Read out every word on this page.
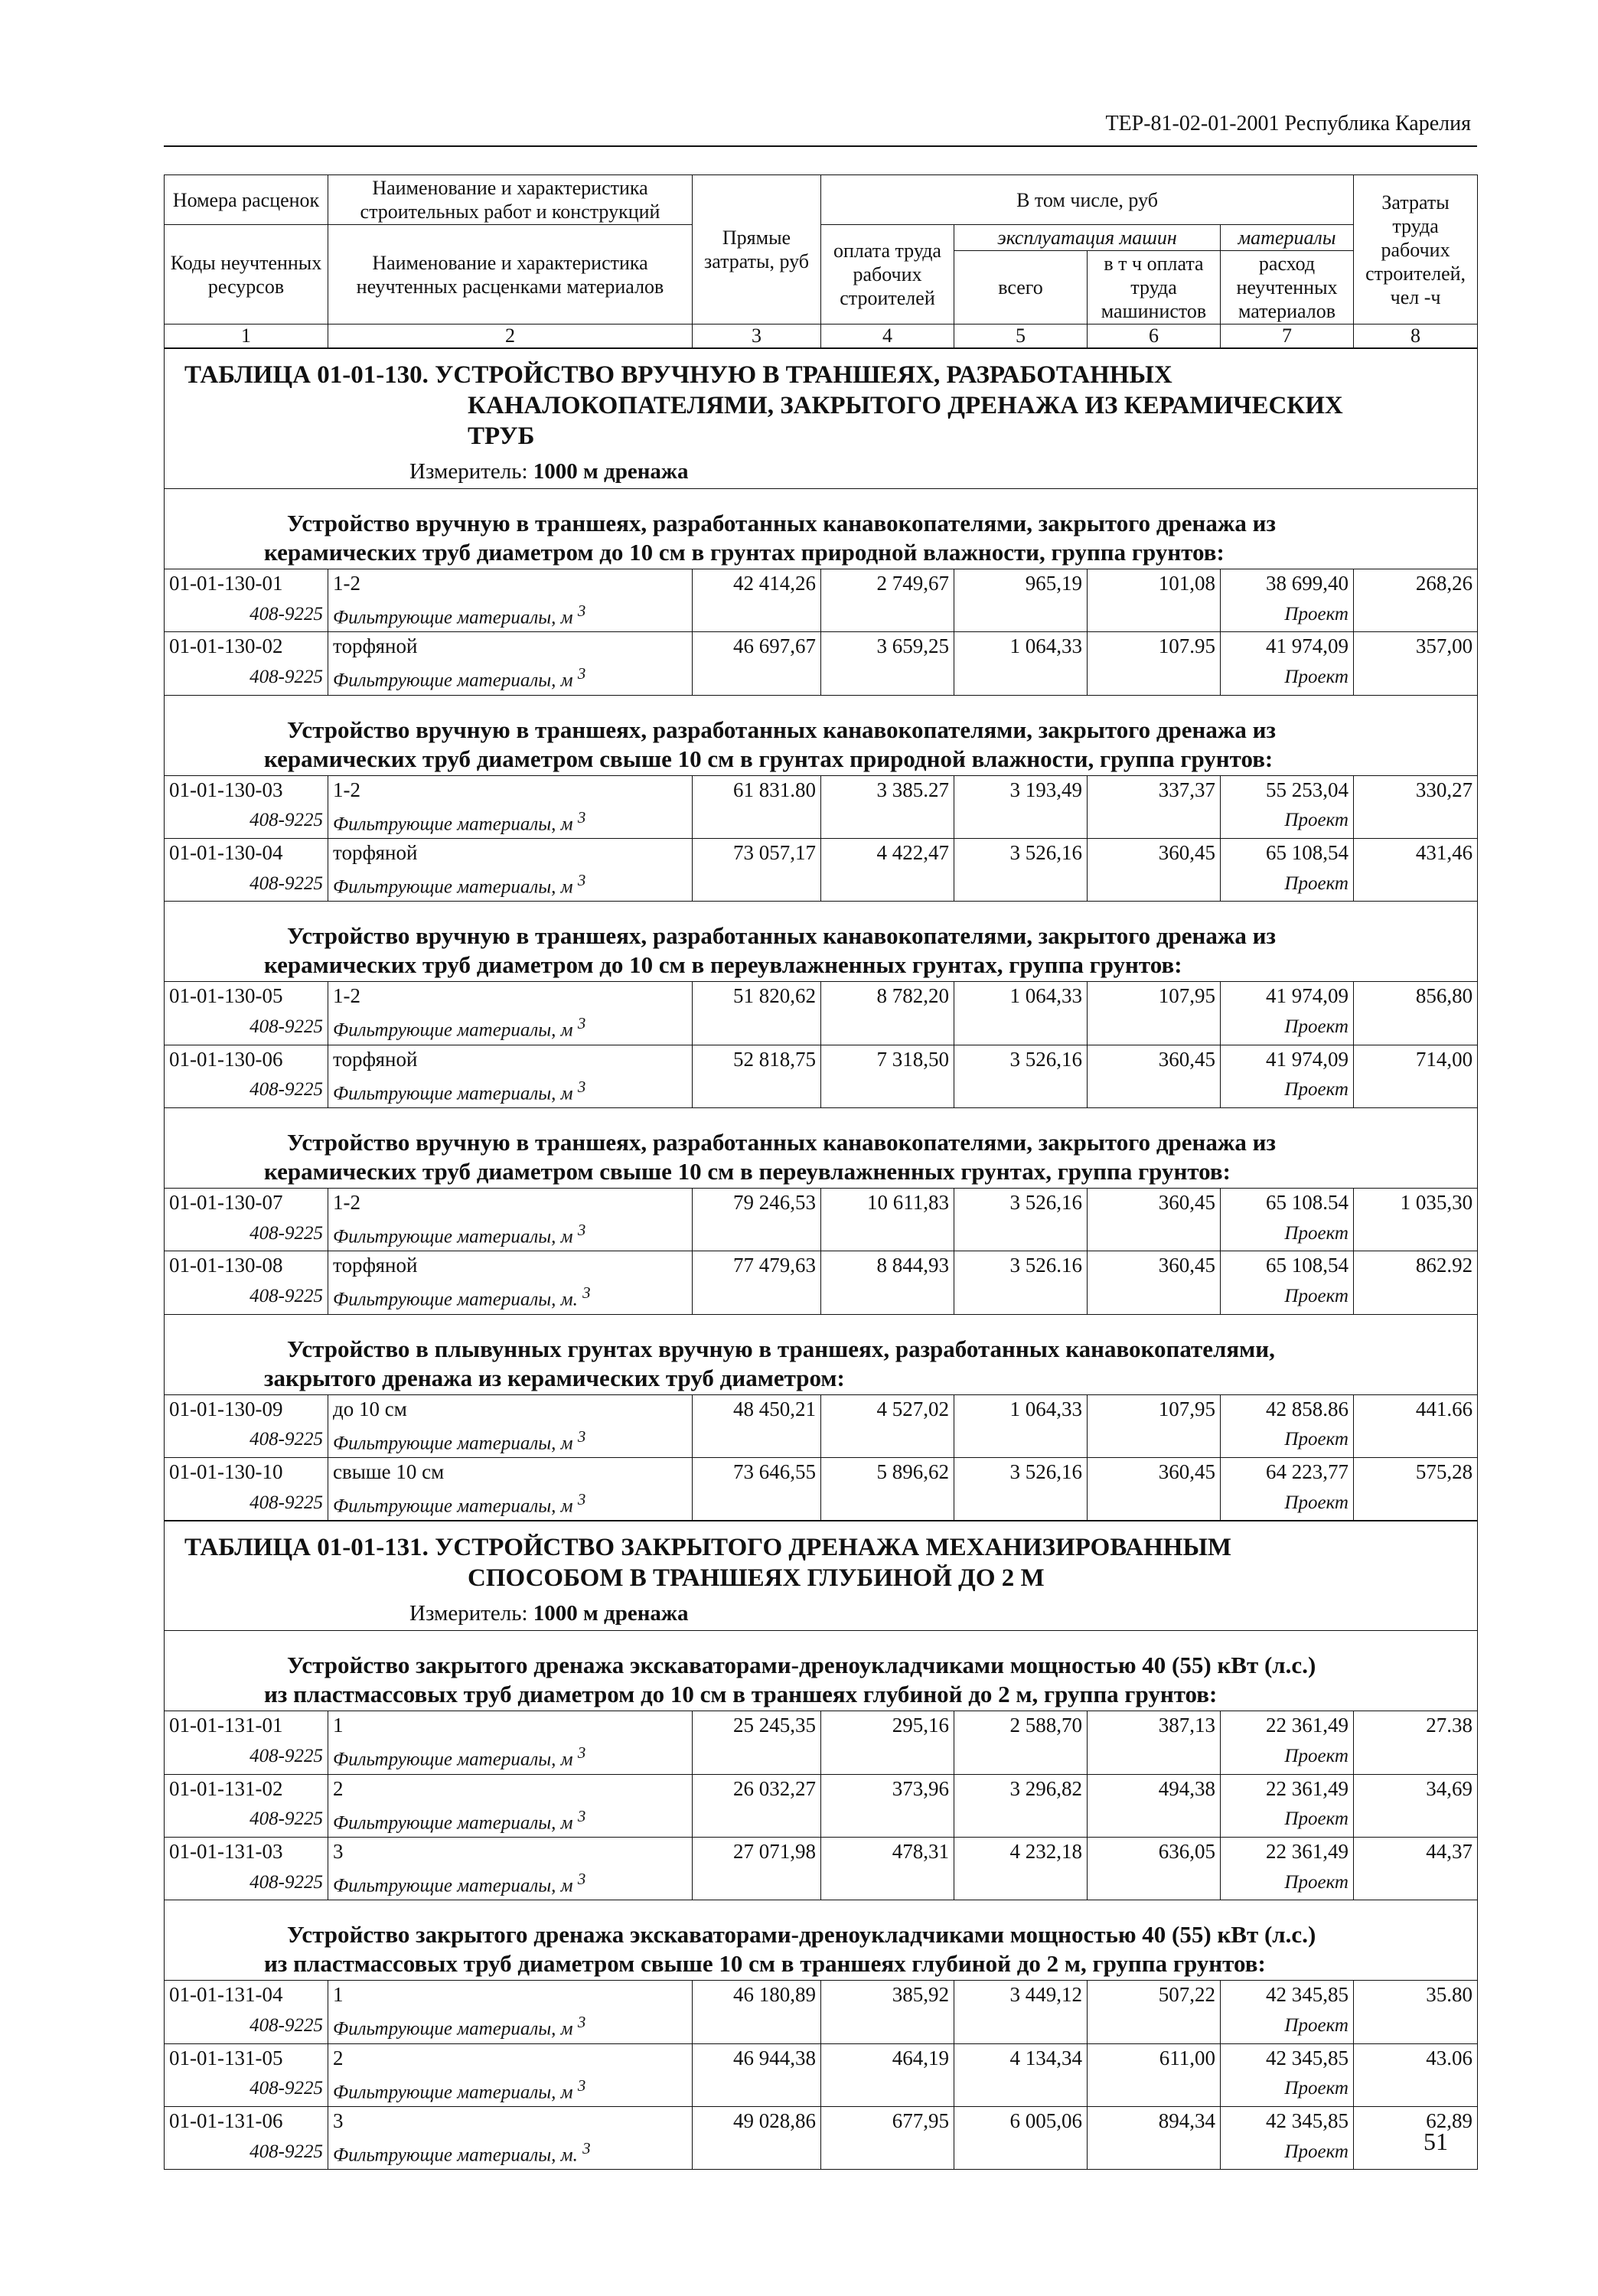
ТЕР-81-02-01-2001 Республика Карелия
Номера расценок	Наименование и характеристика строительных работ и конструкций	Прямые затраты, руб	В том числе, руб				Затраты труда рабочих строителей, чел -ч
Коды неучтенных ресурсов	Наименование и характеристика неучтенных расценками материалов		оплата труда рабочих строителей	эксплуатация машин		материалы	
				всего	в т ч оплата труда машинистов	расход неучтенных материалов	
1	2	3	4	5	6	7	8
ТАБЛИЦА 01-01-130. УСТРОЙСТВО ВРУЧНУЮ В ТРАНШЕЯХ, РАЗРАБОТАННЫХ
КАНАЛОКОПАТЕЛЯМИ, ЗАКРЫТОГО ДРЕНАЖА ИЗ КЕРАМИЧЕСКИХ
ТРУБ							

Измеритель: 1000 м дренажа							
Устройство вручную в траншеях, разработанных канавокопателями, закрытого дренажа из
керамических труб диаметром до 10 см в грунтах природной влажности, группа грунтов:							

01-01-130-01	1-2	42 414,26	2 749,67	965,19	101,08	38 699,40	268,26
408-9225	Фильтрующие материалы, м $^3$					Проект	
01-01-130-02	торфяной	46 697,67	3 659,25	1 064,33	107.95	41 974,09	357,00
408-9225	Фильтрующие материалы, м $^3$					Проект	
Устройство вручную в траншеях, разработанных канавокопателями, закрытого дренажа из
керамических труб диаметром свыше 10 см в грунтах природной влажности, группа грунтов:							

01-01-130-03	1-2	61 831.80	3 385.27	3 193,49	337,37	55 253,04	330,27
408-9225	Фильтрующие материалы, м $^3$					Проект	
01-01-130-04	торфяной	73 057,17	4 422,47	3 526,16	360,45	65 108,54	431,46
408-9225	Фильтрующие материалы, м $^3$					Проект	
Устройство вручную в траншеях, разработанных канавокопателями, закрытого дренажа из
керамических труб диаметром до 10 см в переувлажненных грунтах, группа грунтов:							

01-01-130-05	1-2	51 820,62	8 782,20	1 064,33	107,95	41 974,09	856,80
408-9225	Фильтрующие материалы, м $^3$					Проект	
01-01-130-06	торфяной	52 818,75	7 318,50	3 526,16	360,45	41 974,09	714,00
408-9225	Фильтрующие материалы, м $^3$					Проект	
Устройство вручную в траншеях, разработанных канавокопателями, закрытого дренажа из
керамических труб диаметром свыше 10 см в переувлажненных грунтах, группа грунтов:							

01-01-130-07	1-2	79 246,53	10 611,83	3 526,16	360,45	65 108.54	1 035,30
408-9225	Фильтрующие материалы, м $^3$					Проект	
01-01-130-08	торфяной	77 479,63	8 844,93	3 526.16	360,45	65 108,54	862.92
408-9225	Фильтрующие материалы, м. $^3$					Проект	
Устройство в плывунных грунтах вручную в траншеях, разработанных канавокопателями,
закрытого дренажа из керамических труб диаметром:							

01-01-130-09	до 10 см	48 450,21	4 527,02	1 064,33	107,95	42 858.86	441.66
408-9225	Фильтрующие материалы, м $^3$					Проект	
01-01-130-10	свыше 10 см	73 646,55	5 896,62	3 526,16	360,45	64 223,77	575,28
408-9225	Фильтрующие материалы, м $^3$					Проект	
ТАБЛИЦА 01-01-131. УСТРОЙСТВО ЗАКРЫТОГО ДРЕНАЖА МЕХАНИЗИРОВАННЫМ
СПОСОБОМ В ТРАНШЕЯХ ГЛУБИНОЙ ДО 2 М							

Измеритель: 1000 м дренажа							
Устройство закрытого дренажа экскаваторами-дреноукладчиками мощностью 40 (55) кВт (л.с.)
из пластмассовых труб диаметром до 10 см в траншеях глубиной до 2 м, группа грунтов:							

01-01-131-01	1	25 245,35	295,16	2 588,70	387,13	22 361,49	27.38
408-9225	Фильтрующие материалы, м $^3$					Проект	
01-01-131-02	2	26 032,27	373,96	3 296,82	494,38	22 361,49	34,69
408-9225	Фильтрующие материалы, м $^3$					Проект	
01-01-131-03	3	27 071,98	478,31	4 232,18	636,05	22 361,49	44,37
408-9225	Фильтрующие материалы, м $^3$					Проект	
Устройство закрытого дренажа экскаваторами-дреноукладчиками мощностью 40 (55) кВт (л.с.)
из пластмассовых труб диаметром свыше 10 см в траншеях глубиной до 2 м, группа грунтов:							

01-01-131-04	1	46 180,89	385,92	3 449,12	507,22	42 345,85	35.80
408-9225	Фильтрующие материалы, м $^3$					Проект	
01-01-131-05	2	46 944,38	464,19	4 134,34	611,00	42 345,85	43.06
408-9225	Фильтрующие материалы, м $^3$					Проект	
01-01-131-06	3	49 028,86	677,95	6 005,06	894,34	42 345,85	62,89
408-9225	Фильтрующие материалы, м. $^3$					Проект		51
